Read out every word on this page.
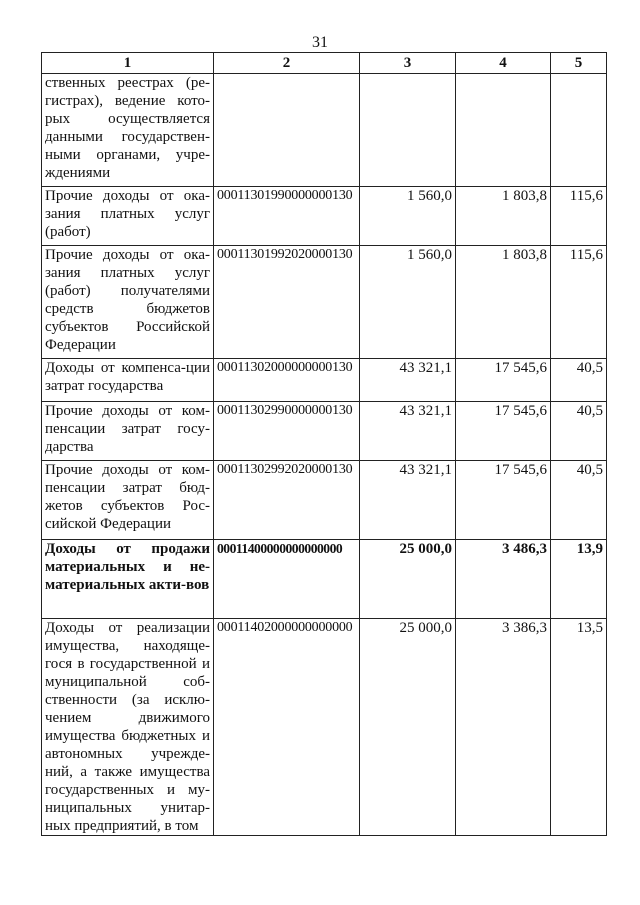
31
1	2	3	4	5
ственных реестрах (ре-гистрах), ведение кото-рых осуществляется данными государствен-ными органами, учре-ждениями				
Прочие доходы от ока-зания платных услуг (работ)	00011301990000000130	1 560,0	1 803,8	115,6
Прочие доходы от ока-зания платных услуг (работ) получателями средств бюджетов субъектов Российской Федерации	00011301992020000130	1 560,0	1 803,8	115,6
Доходы от компенса-ции затрат государства	00011302000000000130	43 321,1	17 545,6	40,5
Прочие доходы от ком-пенсации затрат госу-дарства	00011302990000000130	43 321,1	17 545,6	40,5
Прочие доходы от ком-пенсации затрат бюд-жетов субъектов Рос-сийской Федерации	00011302992020000130	43 321,1	17 545,6	40,5
Доходы от продажи материальных и не-материальных акти-вов	00011400000000000000	25 000,0	3 486,3	13,9
Доходы от реализации имущества, находяще-гося в государственной и муниципальной соб-ственности (за исклю-чением движимого имущества бюджетных и автономных учрежде-ний, а также имущества государственных и му-ниципальных унитар-ных предприятий, в том	00011402000000000000	25 000,0	3 386,3	13,5
